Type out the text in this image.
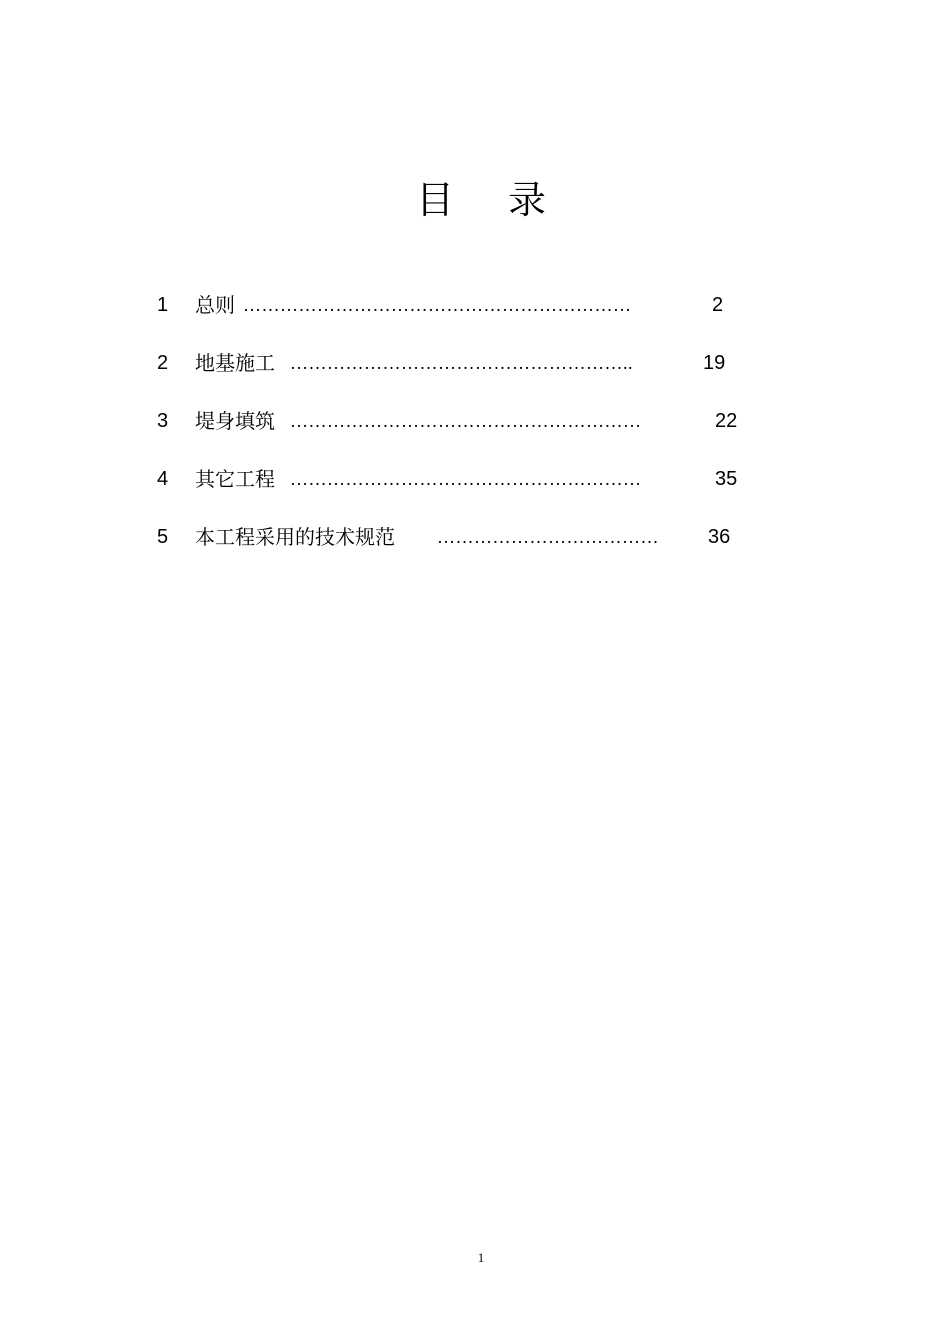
目 录
1 总则 ………………………………………………………	2
2 地基施工 ………………………………………………..	19
3 堤身填筑 …………………………………………………	22
4 其它工程 …………………………………………………	35
5 本工程采用的技术规范 ………………………………	36
1
